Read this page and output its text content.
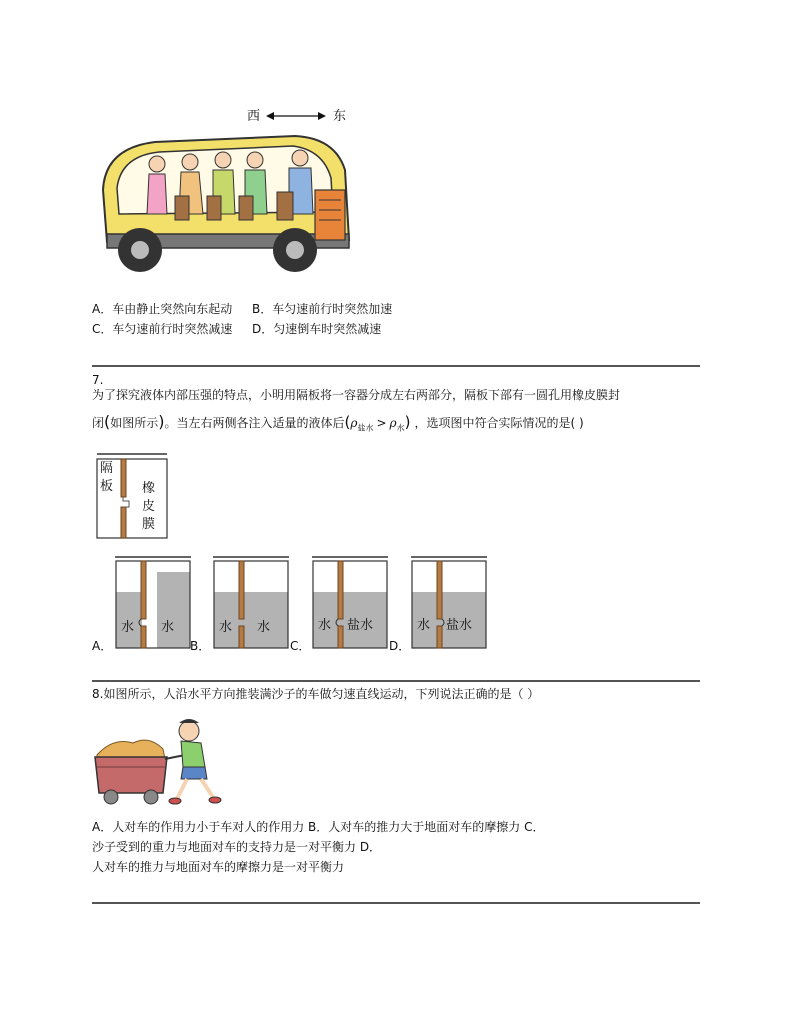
西	东
A．车由静止突然向东起动 B．车匀速前行时突然加速
C．车匀速前行时突然减速 D．匀速倒车时突然减速
7.
为了探究液体内部压强的特点，小明用隔板将一容器分成左右两部分，隔板下部有一圆孔用橡皮膜封
闭(如图所示)。当左右两侧各注入适量的液体后$(\rho_{盐水} > \rho_水)$ ，选项图中符合实际情况的是( )
隔
板 橡
皮
膜
A．
水 水
B．
水 水
C．
水 盐水
D．
水 盐水
8.如图所示，人沿水平方向推装满沙子的车做匀速直线运动，下列说法正确的是（ ）
A．人对车的作用力小于车对人的作用力 B．人对车的推力大于地面对车的摩擦力 C．
沙子受到的重力与地面对车的支持力是一对平衡力 D．
人对车的推力与地面对车的摩擦力是一对平衡力
